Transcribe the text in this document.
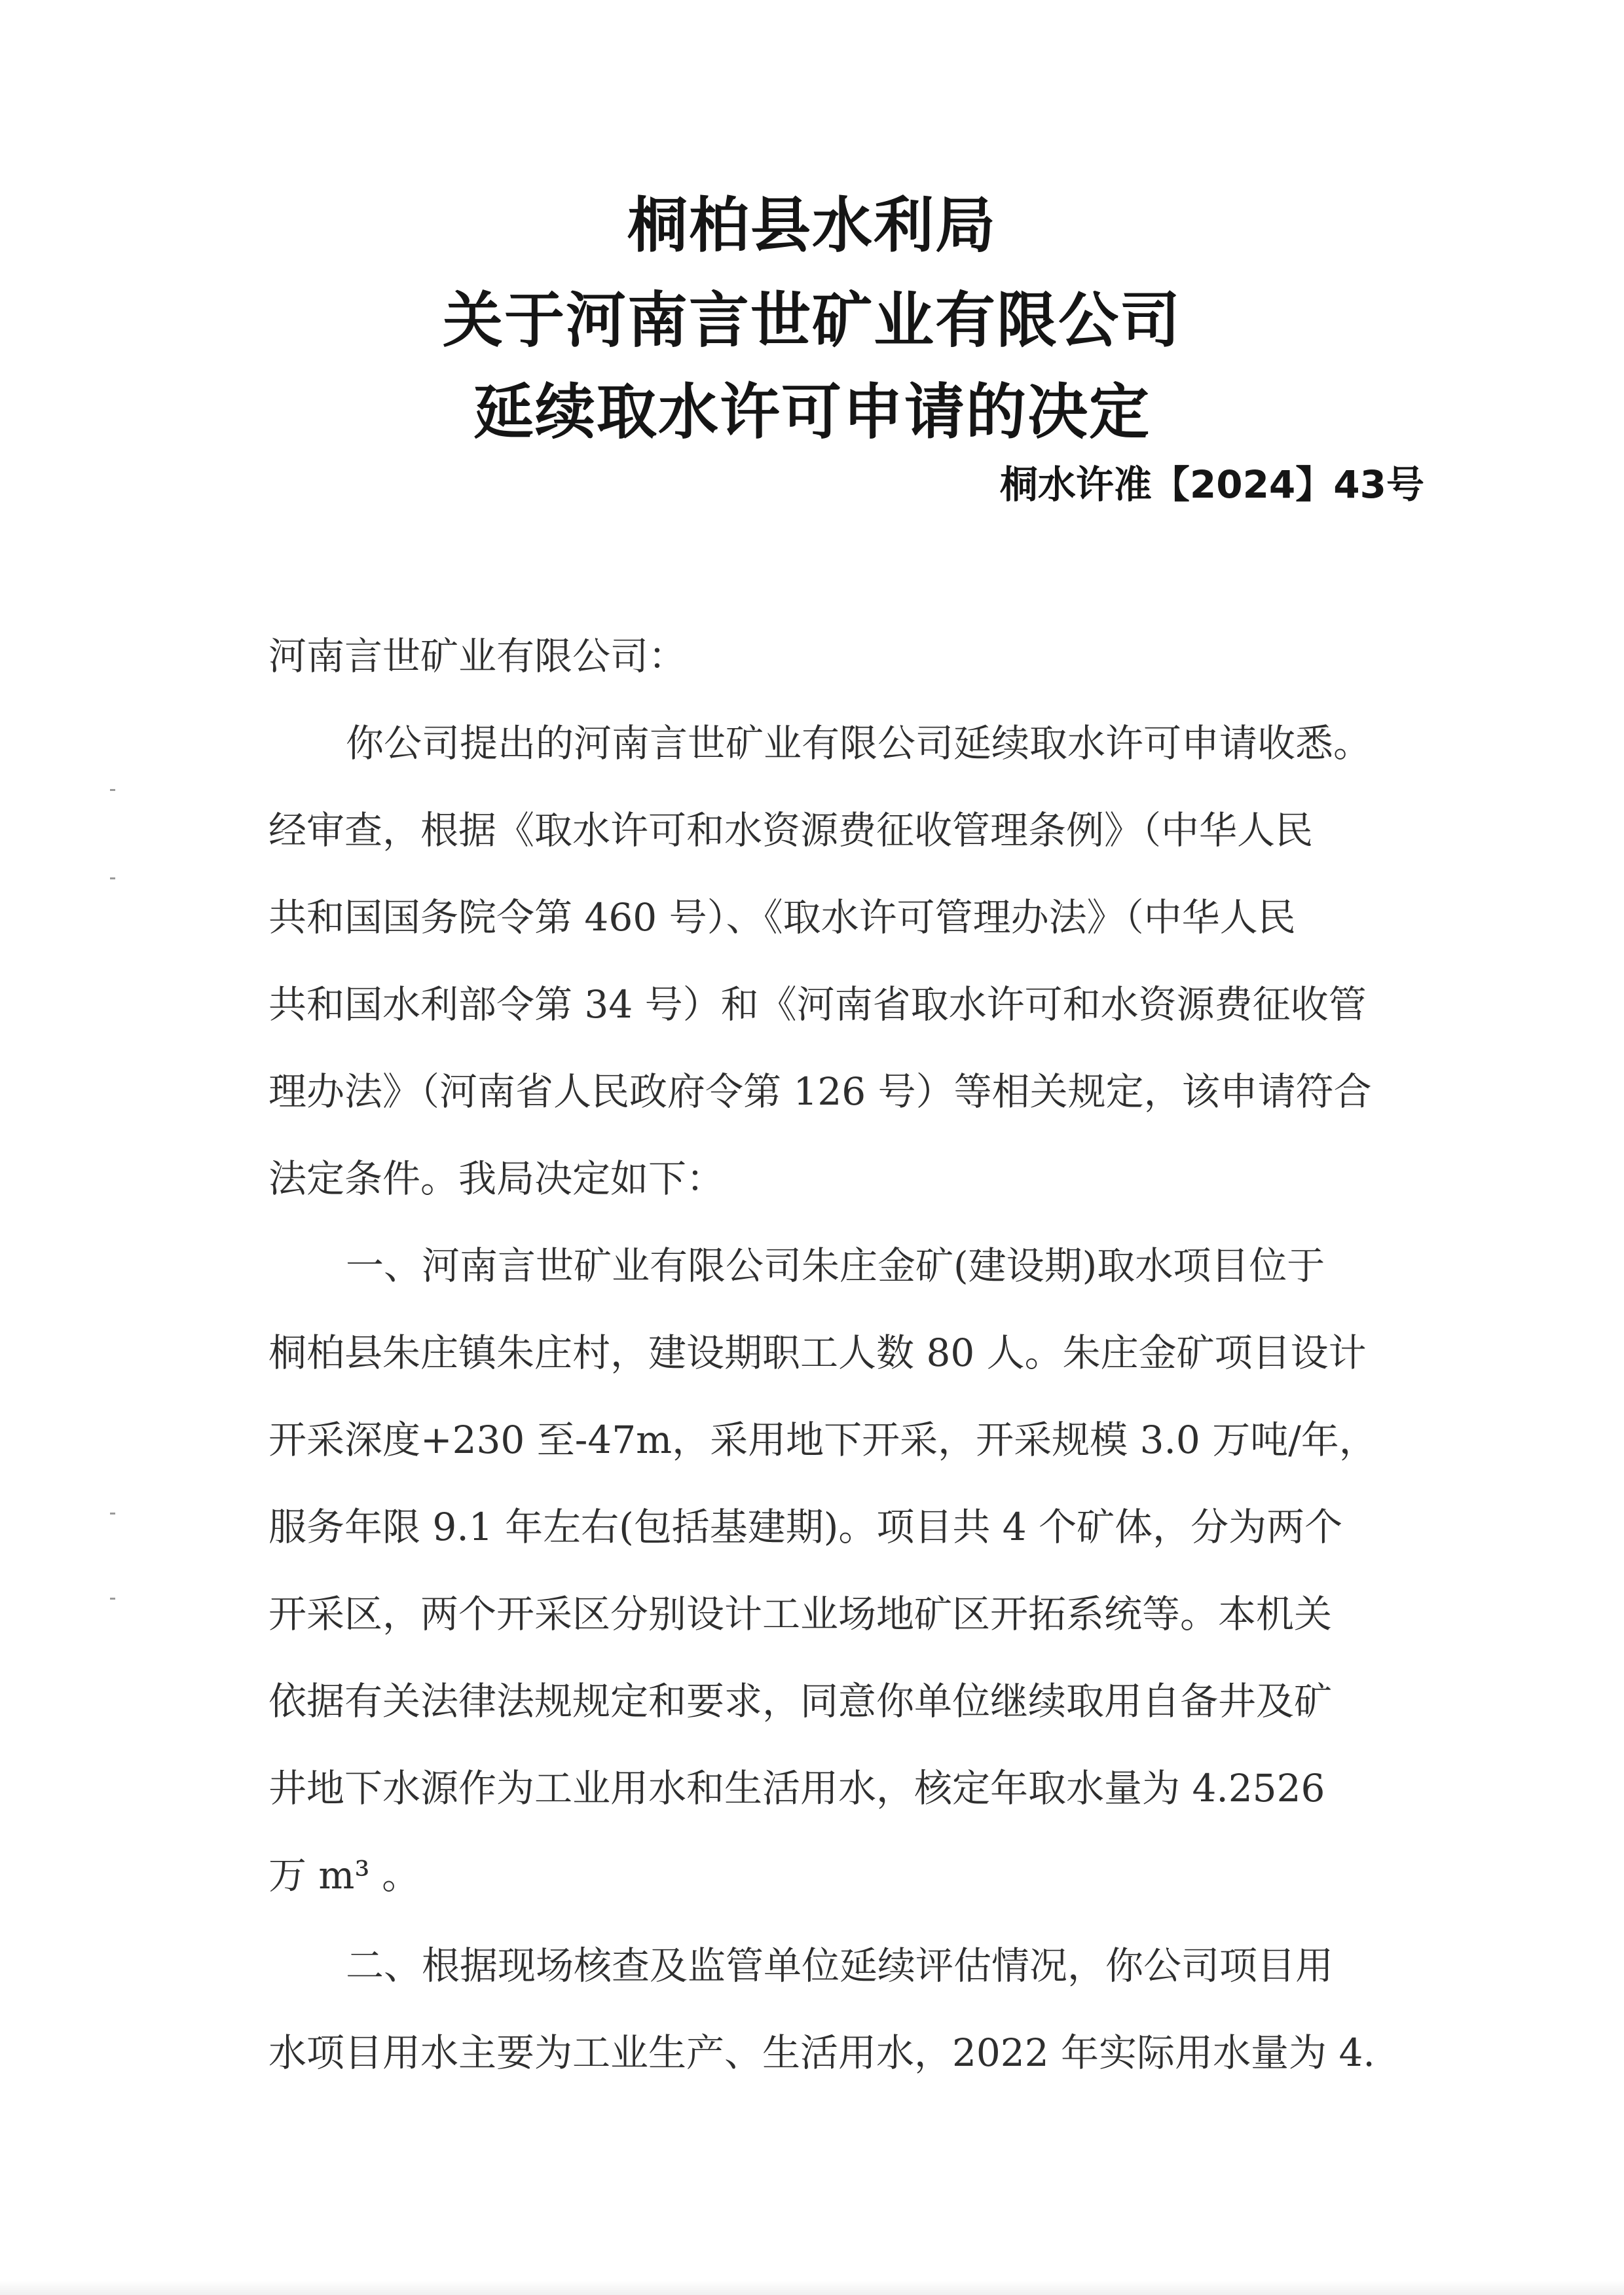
桐柏县水利局
关于河南言世矿业有限公司
延续取水许可申请的决定
桐水许准【2024】43号
河南言世矿业有限公司：
你公司提出的河南言世矿业有限公司延续取水许可申请收悉。
经审查，根据《取水许可和水资源费征收管理条例》（中华人民
共和国国务院令第 460 号）、《取水许可管理办法》（中华人民
共和国水利部令第 34 号）和《河南省取水许可和水资源费征收管
理办法》（河南省人民政府令第 126 号）等相关规定，该申请符合
法定条件。我局决定如下：
一、河南言世矿业有限公司朱庄金矿(建设期)取水项目位于
桐柏县朱庄镇朱庄村，建设期职工人数 80 人。朱庄金矿项目设计
开采深度+230 至-47m，采用地下开采，开采规模 3.0 万吨/年，
服务年限 9.1 年左右(包括基建期)。项目共 4 个矿体，分为两个
开采区，两个开采区分别设计工业场地矿区开拓系统等。本机关
依据有关法律法规规定和要求，同意你单位继续取用自备井及矿
井地下水源作为工业用水和生活用水，核定年取水量为 4.2526
万 m³ 。
二、根据现场核查及监管单位延续评估情况，你公司项目用
水项目用水主要为工业生产、生活用水，2022 年实际用水量为 4.
